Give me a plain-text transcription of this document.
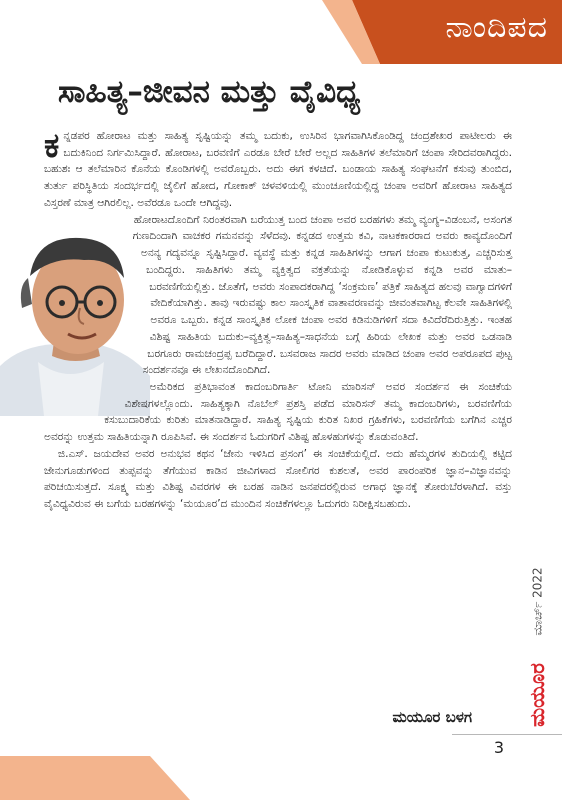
ನಾಂದಿಪದ
ಸಾಹಿತ್ಯ–ಜೀವನ ಮತ್ತು ವೈವಿಧ್ಯ

ಕನ್ನಡಪರ ಹೋರಾಟ ಮತ್ತು ಸಾಹಿತ್ಯ ಸೃಷ್ಟಿಯನ್ನು ತಮ್ಮ ಬದುಕು, ಉಸಿರಿನ ಭಾಗವಾಗಿಸಿಕೊಂಡಿದ್ದ ಚಂದ್ರಶೇಖರ ಪಾಟೀಲರು ಈ ಬದುಕಿನಿಂದ ನಿರ್ಗಮಿಸಿದ್ದಾರೆ. ಹೋರಾಟ, ಬರವಣಿಗೆ ಎರಡೂ ಬೇರೆ ಬೇರೆ ಅಲ್ಲದ ಸಾಹಿತಿಗಳ ತಲೆಮಾರಿಗೆ ಚಂಪಾ ಸೇರಿದವರಾಗಿದ್ದರು. ಬಹುಶಃ ಆ ತಲೆಮಾರಿನ ಕೊನೆಯ ಕೊಂಡಿಗಳಲ್ಲಿ ಅವರೊಬ್ಬರು. ಅದು ಈಗ ಕಳಚಿದೆ. ಬಂಡಾಯ ಸಾಹಿತ್ಯ ಸಂಘಟನೆಗೆ ಕಸುವು ತುಂಬಿದ, ತುರ್ತು ಪರಿಸ್ಥಿತಿಯ ಸಂದರ್ಭದಲ್ಲಿ ಜೈಲಿಗೆ ಹೋದ, ಗೋಕಾಕ್ ಚಳವಳಿಯಲ್ಲಿ ಮುಂಚೂಣಿಯಲ್ಲಿದ್ದ ಚಂಪಾ ಅವರಿಗೆ ಹೋರಾಟ ಸಾಹಿತ್ಯದ ವಿಸ್ತರಣೆ ಮಾತ್ರ ಆಗಿರಲಿಲ್ಲ. ಅವೆರಡೂ ಒಂದೇ ಆಗಿದ್ದವು.

ಹೋರಾಟದೊಂದಿಗೆ ನಿರಂತರವಾಗಿ ಬರೆಯುತ್ತ ಬಂದ ಚಂಪಾ ಅವರ ಬರಹಗಳು ತಮ್ಮ ವ್ಯಂಗ್ಯ–ವಿಡಂಬನೆ, ಅಸಂಗತ ಗುಣದಿಂದಾಗಿ ವಾಚಕರ ಗಮನವನ್ನು ಸೆಳೆದವು. ಕನ್ನಡದ ಉತ್ತಮ ಕವಿ, ನಾಟಕಕಾರರಾದ ಅವರು ಕಾವ್ಯದೊಂದಿಗೆ ಅನನ್ಯ ಗದ್ಯವನ್ನೂ ಸೃಷ್ಟಿಸಿದ್ದಾರೆ. ವ್ಯವಸ್ಥೆ ಮತ್ತು ಕನ್ನಡ ಸಾಹಿತಿಗಳನ್ನು ಆಗಾಗ ಚಂಪಾ ಕುಟುಕುತ್ತ, ಎಚ್ಚರಿಸುತ್ತ ಬಂದಿದ್ದರು. ಸಾಹಿತಿಗಳು ತಮ್ಮ ವ್ಯಕ್ತಿತ್ವದ ವಕ್ರತೆಯನ್ನು ನೋಡಿಕೊಳ್ಳುವ ಕನ್ನಡಿ ಅವರ ಮಾತು–ಬರವಣಿಗೆಯಲ್ಲಿತ್ತು. ಜೊತೆಗೆ, ಅವರು ಸಂಪಾದಕರಾಗಿದ್ದ ‘ಸಂಕ್ರಮಣ’ ಪತ್ರಿಕೆ ಸಾಹಿತ್ಯದ ಹಲವು ವಾಗ್ವಾದಗಳಿಗೆ ವೇದಿಕೆಯಾಗಿತ್ತು. ತಾವು ಇರುವಷ್ಟು ಕಾಲ ಸಾಂಸ್ಕೃತಿಕ ವಾತಾವರಣವನ್ನು ಜೀವಂತವಾಗಿಟ್ಟ ಕೆಲವೇ ಸಾಹಿತಿಗಳಲ್ಲಿ ಅವರೂ ಒಬ್ಬರು. ಕನ್ನಡ ಸಾಂಸ್ಕೃತಿಕ ಲೋಕ ಚಂಪಾ ಅವರ ಕಿಡಿನುಡಿಗಳಿಗೆ ಸದಾ ಕಿವಿದೆರೆದಿರುತ್ತಿತ್ತು. ಇಂತಹ ವಿಶಿಷ್ಟ ಸಾಹಿತಿಯ ಬದುಕು–ವ್ಯಕ್ತಿತ್ವ–ಸಾಹಿತ್ಯ–ಸಾಧನೆಯ ಬಗ್ಗೆ ಹಿರಿಯ ಲೇಖಕ ಮತ್ತು ಅವರ ಒಡನಾಡಿ ಬರಗೂರು ರಾಮಚಂದ್ರಪ್ಪ ಬರೆದಿದ್ದಾರೆ. ಬಸವರಾಜ ಸಾದರ ಅವರು ಮಾಡಿದ ಚಂಪಾ ಅವರ ಅಪರೂಪದ ಪುಟ್ಟ ಸಂದರ್ಶನವೂ ಈ ಲೇಖನದೊಂದಿಗಿದೆ.

ಅಮೆರಿಕದ ಪ್ರತಿಭಾವಂತ ಕಾದಂಬರಿಗಾರ್ತಿ ಟೋನಿ ಮಾರಿಸನ್ ಅವರ ಸಂದರ್ಶನ ಈ ಸಂಚಿಕೆಯ ವಿಶೇಷಗಳಲ್ಲೊಂದು. ಸಾಹಿತ್ಯಕ್ಕಾಗಿ ನೊಬೆಲ್ ಪ್ರಶಸ್ತಿ ಪಡೆದ ಮಾರಿಸನ್ ತಮ್ಮ ಕಾದಂಬರಿಗಳು, ಬರವಣಿಗೆಯ ಕಸುಬುದಾರಿಕೆಯ ಕುರಿತು ಮಾತನಾಡಿದ್ದಾರೆ. ಸಾಹಿತ್ಯ ಸೃಷ್ಟಿಯ ಕುರಿತ ನಿಖರ ಗ್ರಹಿಕೆಗಳು, ಬರವಣಿಗೆಯ ಬಗೆಗಿನ ಎಚ್ಚರ ಅವರನ್ನು ಉತ್ತಮ ಸಾಹಿತಿಯನ್ನಾಗಿ ರೂಪಿಸಿವೆ. ಈ ಸಂದರ್ಶನ ಓದುಗರಿಗೆ ವಿಶಿಷ್ಟ ಹೊಳಹುಗಳನ್ನು ಕೊಡುವಂತಿದೆ.

ಜಿ.ಎಸ್. ಜಯದೇವ ಅವರ ಅನುಭವ ಕಥನ ‘ಜೇನು ಇಳಿಸಿದ ಪ್ರಸಂಗ’ ಈ ಸಂಚಿಕೆಯಲ್ಲಿದೆ. ಅದು ಹೆಮ್ಮರಗಳ ತುದಿಯಲ್ಲಿ ಕಟ್ಟಿದ ಜೇನುಗೂಡುಗಳಿಂದ ತುಪ್ಪವನ್ನು ತೆಗೆಯುವ ಕಾಡಿನ ಜೀವಿಗಳಾದ ಸೋಲಿಗರ ಕುಶಲತೆ, ಅವರ ಪಾರಂಪರಿಕ ಜ್ಞಾನ–ವಿಜ್ಞಾನವನ್ನು ಪರಿಚಯಿಸುತ್ತದೆ. ಸೂಕ್ಷ್ಮ ಮತ್ತು ವಿಶಿಷ್ಟ ವಿವರಗಳ ಈ ಬರಹ ನಾಡಿನ ಜನಪದರಲ್ಲಿರುವ ಅಗಾಧ ಜ್ಞಾನಕ್ಕೆ ತೋರುಬೆರಳಾಗಿದೆ. ವಸ್ತು ವೈವಿಧ್ಯವಿರುವ ಈ ಬಗೆಯ ಬರಹಗಳನ್ನು ‘ಮಯೂರ’ದ ಮುಂದಿನ ಸಂಚಿಕೆಗಳಲ್ಲೂ ಓದುಗರು ನಿರೀಕ್ಷಿಸಬಹುದು.

ಮಯೂರ ಬಳಗ
ಮಾರ್ಚ್ 2022
ಮಯೂರ
3
